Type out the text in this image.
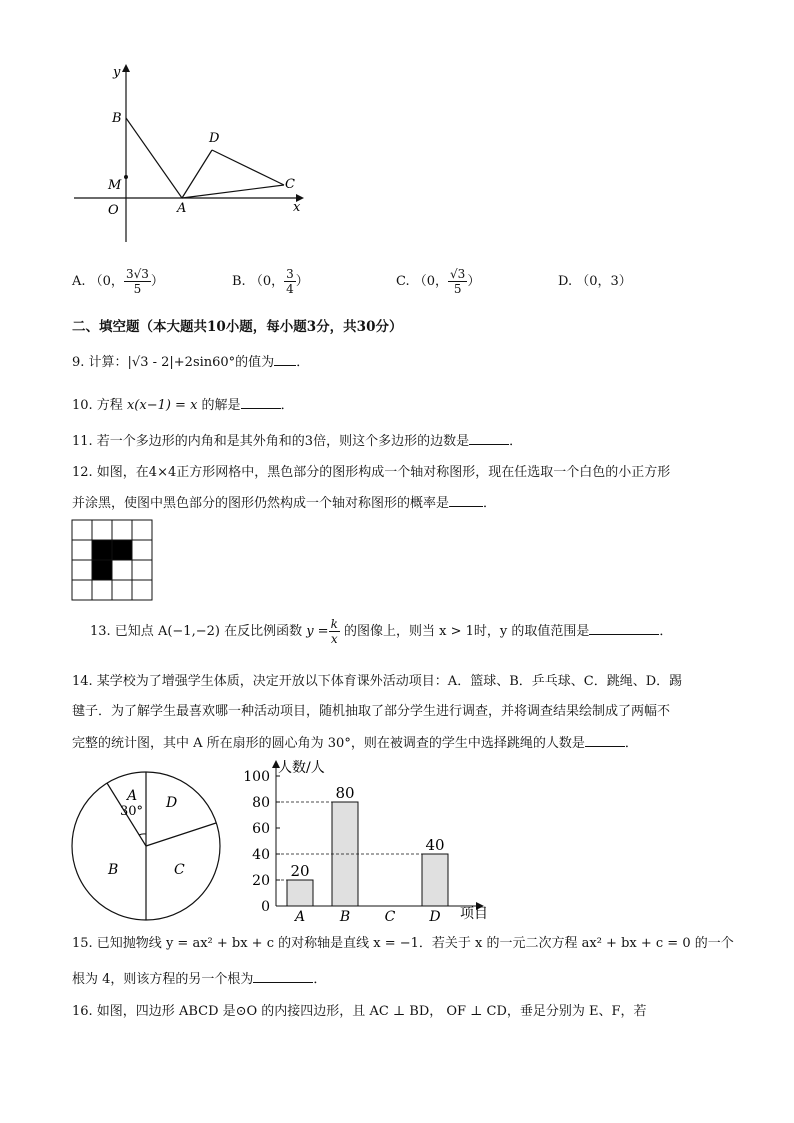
y
x
B
D
M
O	A
C
A. （0， $\frac{3√3}{5}$ ）	B. （0， $\frac{3}{4}$ ）	C. （0， $\frac{√3}{5}$ ）	D. （0，3）
二、填空题（本大题共10小题，每小题3分，共30分）
9. 计算：|√3 - 2|+2sin60°的值为 ．
10. 方程 x(x−1) = x 的解是	．
11. 若一个多边形的内角和是其外角和的3倍，则这个多边形的边数是	．
12. 如图，在4×4正方形网格中，黑色部分的图形构成一个轴对称图形，现在任选取一个白色的小正方形
并涂黑，使图中黑色部分的图形仍然构成一个轴对称图形的概率是	．
13. 已知点 A(−1,−2) 在反比例函数 $y = \frac{k}{x}$ 的图像上，则当 x > 1时，y 的取值范围是	．
14. 某学校为了增强学生体质，决定开放以下体育课外活动项目：A．篮球、B．乒乓球、C．跳绳、D．踢
毽子．为了解学生最喜欢哪一种活动项目，随机抽取了部分学生进行调查，并将调查结果绘制成了两幅不
完整的统计图，其中 A 所在扇形的圆心角为 30°，则在被调查的学生中选择跳绳的人数是	．
A
30°
D
B	C
人数/人
项目
0
20
40
60
80
100
20
A
80
B C
40
D
15. 已知抛物线 y = ax² + bx + c 的对称轴是直线 x = −1．若关于 x 的一元二次方程 ax² + bx + c = 0 的一个
根为 4，则该方程的另一个根为	．
16. 如图，四边形 ABCD 是⊙O 的内接四边形，且 AC ⊥ BD， OF ⊥ CD，垂足分别为 E、F，若
